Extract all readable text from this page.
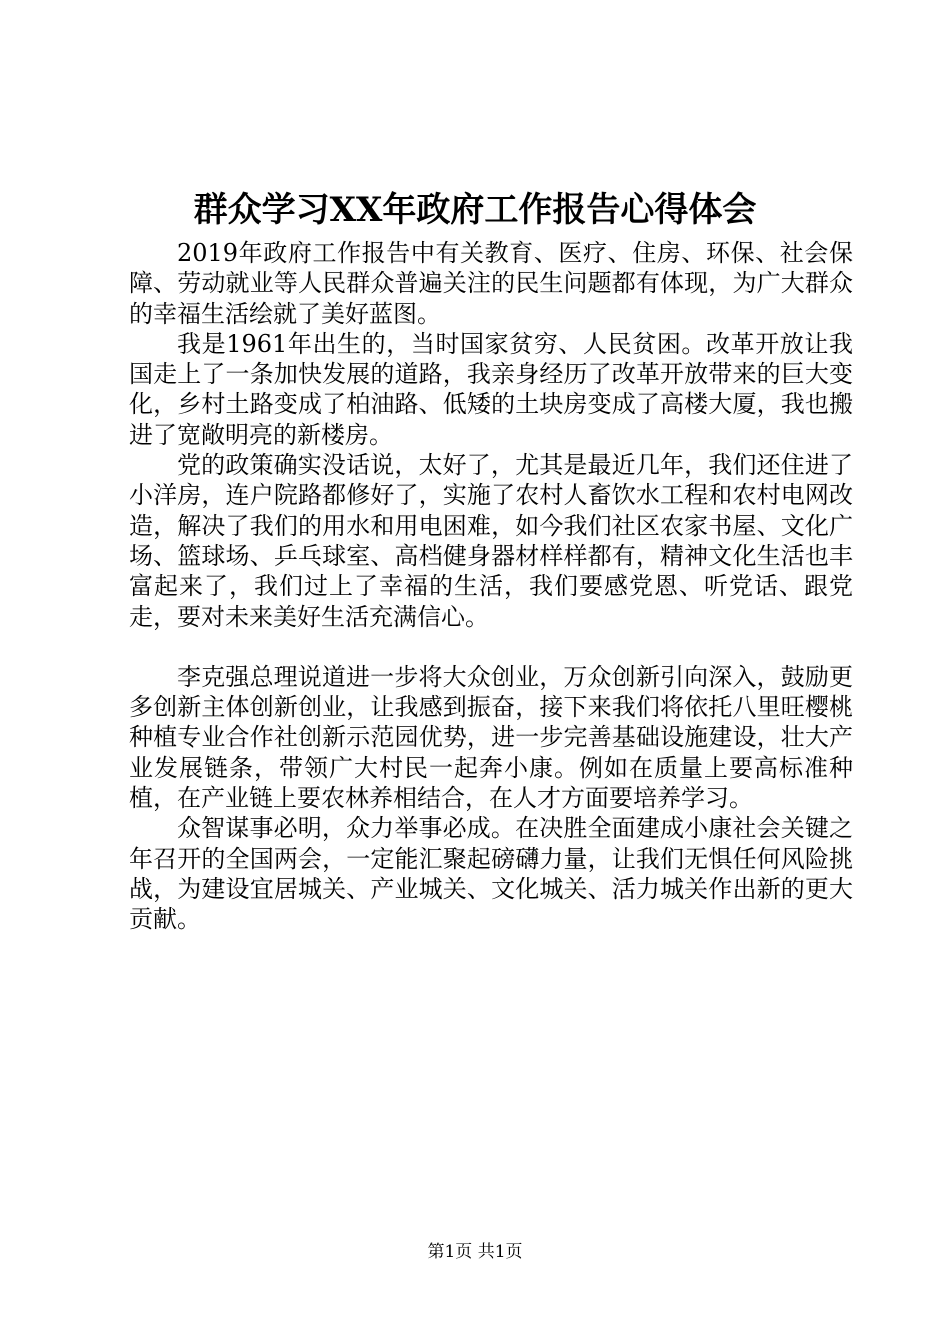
群众学习XX年政府工作报告心得体会

2019年政府工作报告中有关教育、医疗、住房、环保、社会保障、劳动就业等人民群众普遍关注的民生问题都有体现，为广大群众的幸福生活绘就了美好蓝图。

我是1961年出生的，当时国家贫穷、人民贫困。改革开放让我国走上了一条加快发展的道路，我亲身经历了改革开放带来的巨大变化，乡村土路变成了柏油路、低矮的土块房变成了高楼大厦，我也搬进了宽敞明亮的新楼房。

党的政策确实没话说，太好了，尤其是最近几年，我们还住进了小洋房，连户院路都修好了，实施了农村人畜饮水工程和农村电网改造，解决了我们的用水和用电困难，如今我们社区农家书屋、文化广场、篮球场、乒乓球室、高档健身器材样样都有，精神文化生活也丰富起来了，我们过上了幸福的生活，我们要感党恩、听党话、跟党走，要对未来美好生活充满信心。

李克强总理说道进一步将大众创业，万众创新引向深入，鼓励更多创新主体创新创业，让我感到振奋，接下来我们将依托八里旺樱桃种植专业合作社创新示范园优势，进一步完善基础设施建设，壮大产业发展链条，带领广大村民一起奔小康。例如在质量上要高标准种植，在产业链上要农林养相结合，在人才方面要培养学习。

众智谋事必明，众力举事必成。在决胜全面建成小康社会关键之年召开的全国两会，一定能汇聚起磅礴力量，让我们无惧任何风险挑战，为建设宜居城关、产业城关、文化城关、活力城关作出新的更大贡献。

第1页 共1页
